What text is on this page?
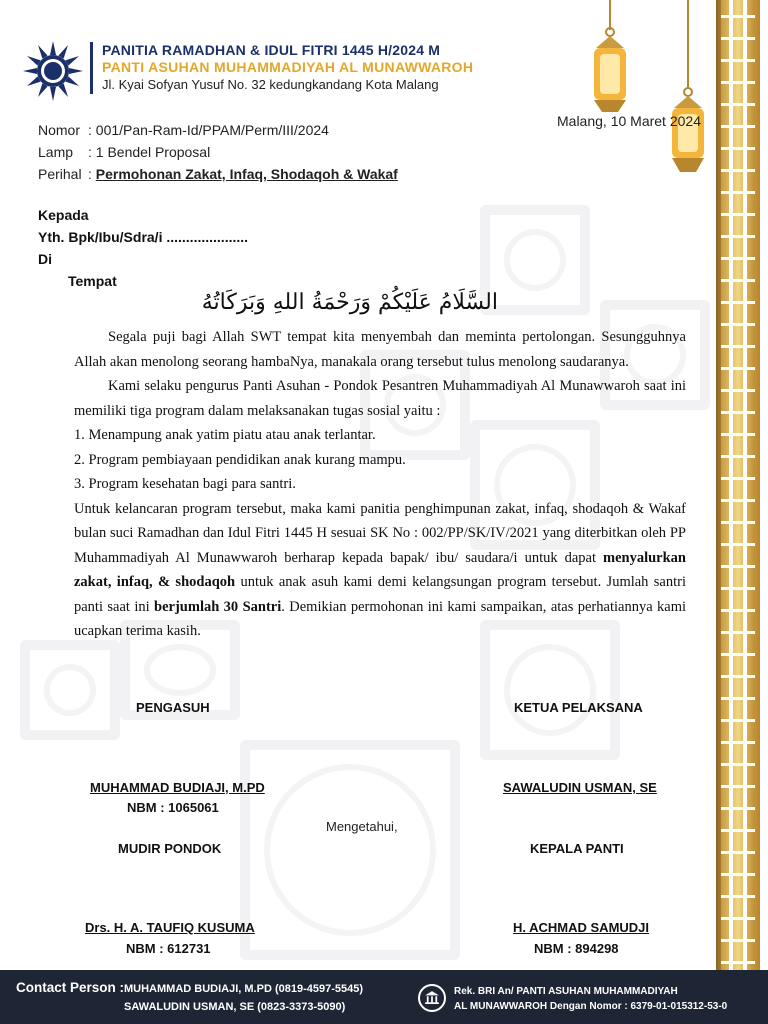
PANITIA RAMADHAN & IDUL FITRI 1445 H/2024 M
PANTI ASUHAN MUHAMMADIYAH AL MUNAWWAROH
Jl. Kyai Sofyan Yusuf No. 32 kedungkandang Kota Malang
Malang, 10 Maret 2024
Nomor : 001/Pan-Ram-Id/PPAM/Perm/III/2024
Lamp : 1 Bendel Proposal
Perihal : Permohonan Zakat, Infaq, Shodaqoh & Wakaf
Kepada
Yth. Bpk/Ibu/Sdra/i .....................
Di
Tempat
السَّلَامُ عَلَيْكُمْ وَرَحْمَةُ اللهِ وَبَرَكَاتُهُ

Segala puji bagi Allah SWT tempat kita menyembah dan meminta pertolongan. Sesungguhnya Allah akan menolong seorang hambaNya, manakala orang tersebut tulus menolong saudaranya.

Kami selaku pengurus Panti Asuhan - Pondok Pesantren Muhammadiyah Al Munawwaroh saat ini memiliki tiga program dalam melaksanakan tugas sosial yaitu :

1. Menampung anak yatim piatu atau anak terlantar.

2. Program pembiayaan pendidikan anak kurang mampu.

3. Program kesehatan bagi para santri.

Untuk kelancaran program tersebut, maka kami panitia penghimpunan zakat, infaq, shodaqoh & Wakaf bulan suci Ramadhan dan Idul Fitri 1445 H sesuai SK No : 002/PP/SK/IV/2021 yang diterbitkan oleh PP Muhammadiyah Al Munawwaroh berharap kepada bapak/ ibu/ saudara/i untuk dapat menyalurkan zakat, infaq, & shodaqoh untuk anak asuh kami demi kelangsungan program tersebut. Jumlah santri panti saat ini berjumlah 30 Santri. Demikian permohonan ini kami sampaikan, atas perhatiannya kami ucapkan terima kasih.

PENGASUH	KETUA PELAKSANA
MUHAMMAD BUDIAJI, M.PD
NBM : 1065061
SAWALUDIN USMAN, SE
Mengetahui,
MUDIR PONDOK	KEPALA PANTI
Drs. H. A. TAUFIQ KUSUMA
NBM : 612731
H. ACHMAD SAMUDJI
NBM : 894298
Contact Person : MUHAMMAD BUDIAJI, M.PD (0819-4597-5545)
SAWALUDIN USMAN, SE (0823-3373-5090)
Rek. BRI An/ PANTI ASUHAN MUHAMMADIYAH
AL MUNAWWAROH Dengan Nomor : 6379-01-015312-53-0
